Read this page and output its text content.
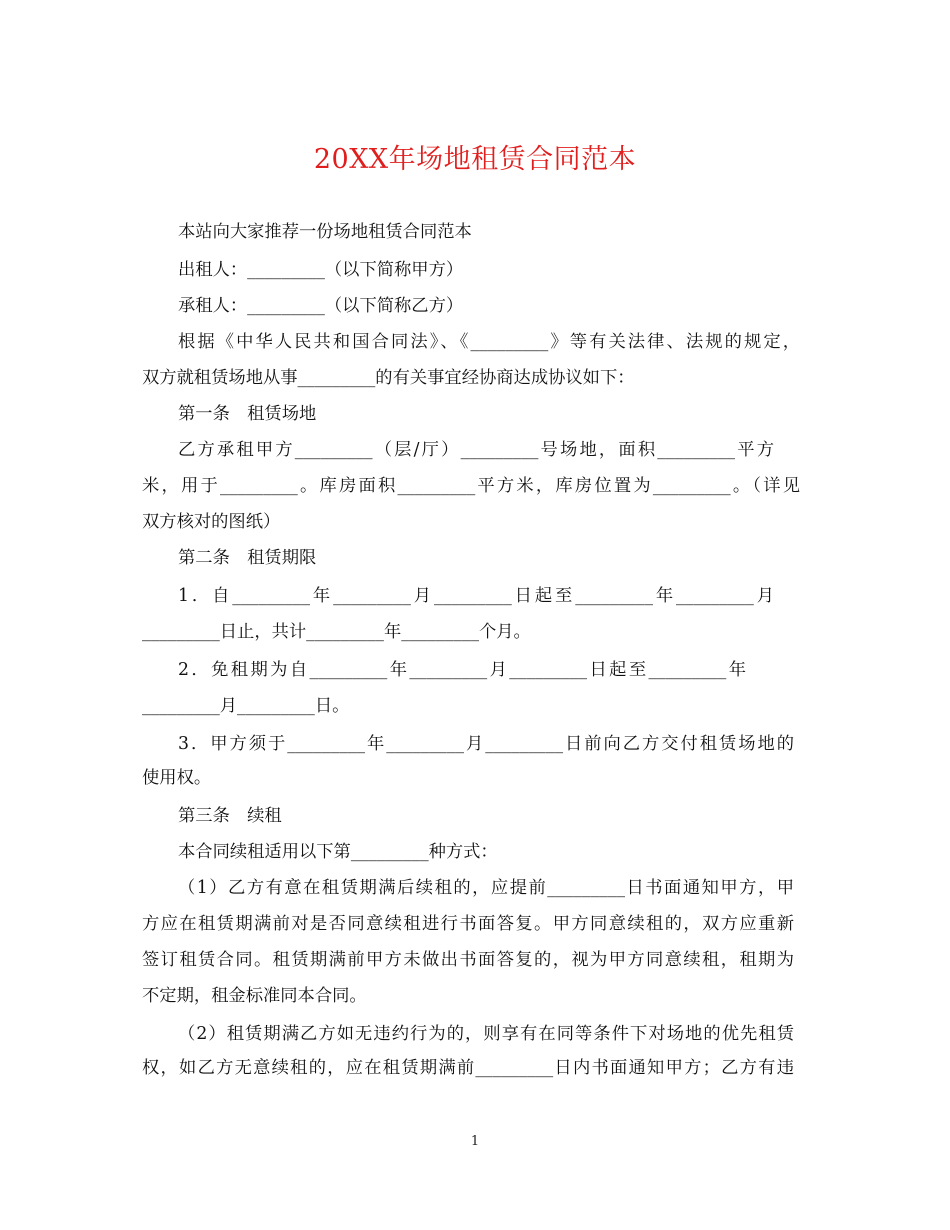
20XX年场地租赁合同范本
本站向大家推荐一份场地租赁合同范本
出租人：_________（以下简称甲方）
承租人：_________（以下简称乙方）
根据《中华人民共和国合同法》、《_________》等有关法律、法规的规定，
双方就租赁场地从事_________的有关事宜经协商达成协议如下：
第一条　租赁场地
乙方承租甲方_________（层/厅）_________号场地，面积_________平方
米，用于_________。库房面积_________平方米，库房位置为_________。（详见
双方核对的图纸）
第二条　租赁期限
1．自_________年_________月_________日起至_________年_________月
_________日止，共计_________年_________个月。
2．免租期为自_________年_________月_________日起至_________年
_________月_________日。
3．甲方须于_________年_________月_________日前向乙方交付租赁场地的
使用权。
第三条　续租
本合同续租适用以下第_________种方式：
（1）乙方有意在租赁期满后续租的，应提前_________日书面通知甲方，甲
方应在租赁期满前对是否同意续租进行书面答复。甲方同意续租的，双方应重新
签订租赁合同。租赁期满前甲方未做出书面答复的，视为甲方同意续租，租期为
不定期，租金标准同本合同。
（2）租赁期满乙方如无违约行为的，则享有在同等条件下对场地的优先租赁
权，如乙方无意续租的，应在租赁期满前_________日内书面通知甲方；乙方有违
1
